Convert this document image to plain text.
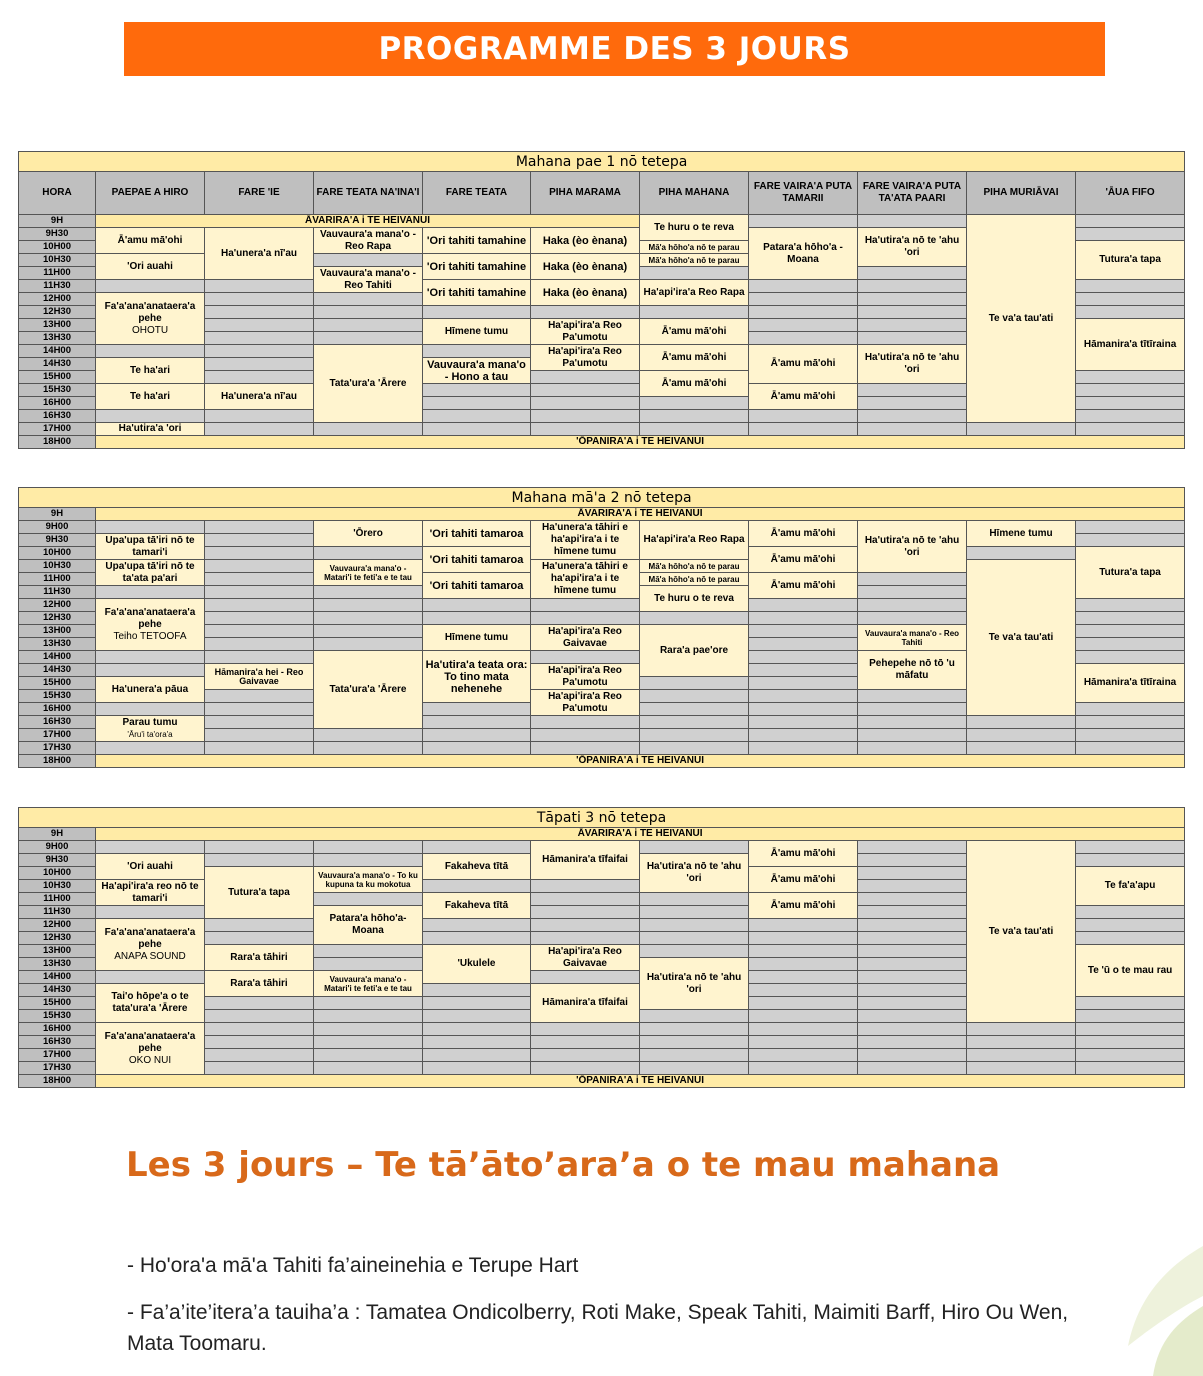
PROGRAMME DES 3 JOURS
Mahana pae 1 nō tetepa											
HORA	PAEPAE A HIRO	FARE 'IE	FARE TEATA NA'INA'I	FARE TEATA	PIHA MARAMA	PIHA MAHANA	FARE VAIRA'A PUTA TAMARII	FARE VAIRA'A PUTA TA'ATA PAARI	PIHA MURIĀVAI	'ĀUA FIFO	
9H	ĀVARIRA'A i TE HEIVANUI					Te huru o te reva			Te va'a tau'ati		
9H30	Ā'amu mā'ohi	Ha'unera'a nī'au	Vauvaura'a mana'o - Reo Rapa	'Ori tahiti tamahine	Haka (èo ènana)		Patara'a hōho'a - Moana	Ha'utira'a nō te 'ahu 'ori			
10H00						Mā'a hōho'a nō te parau				Tutura'a tapa	
10H30	'Ori auahi			'Ori tahiti tamahine	Haka (èo ènana)	Mā'a hōho'a nō te parau					
11H00			Vauvaura'a mana'o - Reo Tahiti								
11H30				'Ori tahiti tamahine	Haka (èo ènana)	Ha'api'ira'a Reo Rapa					
12H00	Fa'a'ana'anataera'a pehe
OHOTU										
12H30											
13H00				Hīmene tumu	Ha'api'ira'a Reo Pa'umotu	Ā'amu mā'ohi				Hāmanira'a tītīraina	
13H30											
14H00			Tata'ura'a 'Ārere		Ha'api'ira'a Reo Pa'umotu	Ā'amu mā'ohi	Ā'amu mā'ohi	Ha'utira'a nō te 'ahu 'ori			
14H30	Te ha'ari			Vauvaura'a mana'o - Hono a tau							
15H00						Ā'amu mā'ohi					
15H30	Te ha'ari	Ha'unera'a nī'au					Ā'amu mā'ohi				
16H00											
16H30											
17H00	Ha'utira'a 'ori										
18H00	'ŌPANIRA'A i TE HEIVANUI										
Mahana mā'a 2 nō tetepa											
9H	ĀVARIRA'A i TE HEIVANUI										
9H00			'Ōrero	'Ori tahiti tamaroa	Ha'unera'a tāhiri e ha'api'ira'a i te hīmene tumu	Ha'api'ira'a Reo Rapa	Ā'amu mā'ohi	Ha'utira'a nō te 'ahu 'ori	Hīmene tumu		
9H30	Upa'upa tā'iri nō te tamari'i										
10H00				'Ori tahiti tamaroa			Ā'amu mā'ohi			Tutura'a tapa	
10H30	Upa'upa tā'iri nō te ta'ata pa'ari		Vauvaura'a mana'o - Matari'i te feti'a e te tau		Ha'unera'a tāhiri e ha'api'ira'a i te hīmene tumu	Mā'a hōho'a nō te parau			Te va'a tau'ati		
11H00				'Ori tahiti tamaroa		Mā'a hōho'a nō te parau	Ā'amu mā'ohi				
11H30						Te huru o te reva					
12H00	Fa'a'ana'anataera'a pehe
Teiho TETOOFA										
12H30											
13H00				Hīmene tumu	Ha'api'ira'a Reo Gaivavae	Rara'a pae'ore		Vauvaura'a mana'o - Reo Tahiti			
13H30											
14H00			Tata'ura'a 'Ārere	Ha'utira'a teata ora: To tino mata nehenehe				Pehepehe nō tō 'u māfatu			
14H30		Hāmanira'a hei - Reo Gaivavae			Ha'api'ira'a Reo Pa'umotu					Hāmanira'a tītīraina	
15H00	Ha'unera'a pāua										
15H30					Ha'api'ira'a Reo Pa'umotu						
16H00											
16H30	Parau tumu
'Āru'i ta'ora'a										
17H00											
17H30											
18H00	'ŌPANIRA'A i TE HEIVANUI										
Tāpati 3 nō tetepa										
9H	ĀVARIRA'A i TE HEIVANUI									
9H00					Hāmanira'a tīfaifai		Ā'amu mā'ohi		Te va'a tau'ati	
9H30	'Ori auahi			Fakaheva tītā		Ha'utira'a nō te 'ahu 'ori				
10H00		Tutura'a tapa	Vauvaura'a mana'o - To ku kupuna ta ku mokotua				Ā'amu mā'ohi			Te fa'a'apu
10H30	Ha'api'ira'a reo nō te tamari'i									
11H00				Fakaheva tītā			Ā'amu mā'ohi			
11H30			Patara'a hōho'a-Moana							
12H00	Fa'a'ana'anataera'a pehe
ANAPA SOUND									
12H30										
13H00		Rara'a tāhiri		'Ukulele	Ha'api'ira'a Reo Gaivavae					Te 'ū o te mau rau
13H30						Ha'utira'a nō te 'ahu 'ori				
14H00		Rara'a tāhiri	Vauvaura'a mana'o - Matari'i te feti'a e te tau							
14H30	Tai'o hōpe'a o te tata'ura'a 'Ārere				Hāmanira'a tīfaifai					
15H00										
15H30										
16H00	Fa'a'ana'anataera'a pehe
OKO NUI									
16H30										
17H00										
17H30										
18H00	'ŌPANIRA'A i TE HEIVANUI									
Les 3 jours – Te tā’āto’ara’a o te mau mahana

- Ho'ora'a mā'a Tahiti fa’aineinehia e Terupe Hart

- Fa’a’ite’itera’a tauiha’a : Tamatea Ondicolberry, Roti Make, Speak Tahiti, Maimiti Barff, Hiro Ou Wen, Mata Toomaru.
